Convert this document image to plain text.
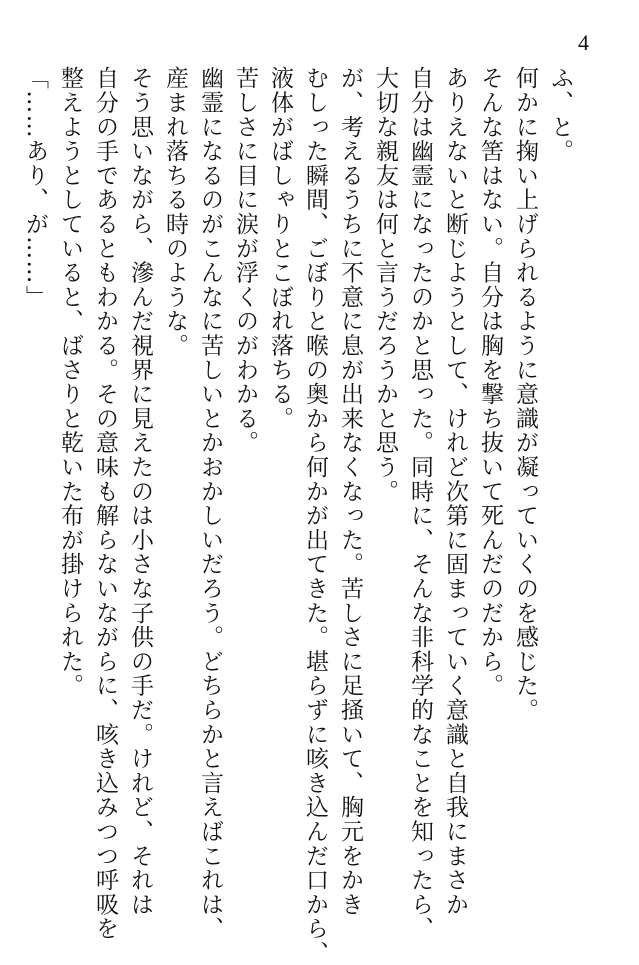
4
ふ、と。
何かに掬い上げられるように意識が凝っていくのを感じた。
そんな筈はない。自分は胸を撃ち抜いて死んだのだから。
ありえないと断じようとして、けれど次第に固まっていく意識と自我にまさか
自分は幽霊になったのかと思った。同時に、そんな非科学的なことを知ったら、
大切な親友は何と言うだろうかと思う。
が、考えるうちに不意に息が出来なくなった。苦しさに足掻いて、胸元をかき
むしった瞬間、ごぼりと喉の奥から何かが出てきた。堪らずに咳き込んだ口から、
液体がばしゃりとこぼれ落ちる。
苦しさに目に涙が浮くのがわかる。
幽霊になるのがこんなに苦しいとかおかしいだろう。どちらかと言えばこれは、
産まれ落ちる時のような。
そう思いながら、滲んだ視界に見えたのは小さな子供の手だ。けれど、それは
自分の手であるともわかる。その意味も解らないながらに、咳き込みつつ呼吸を
整えようとしていると、ばさりと乾いた布が掛けられた。
「……あり、が……」
